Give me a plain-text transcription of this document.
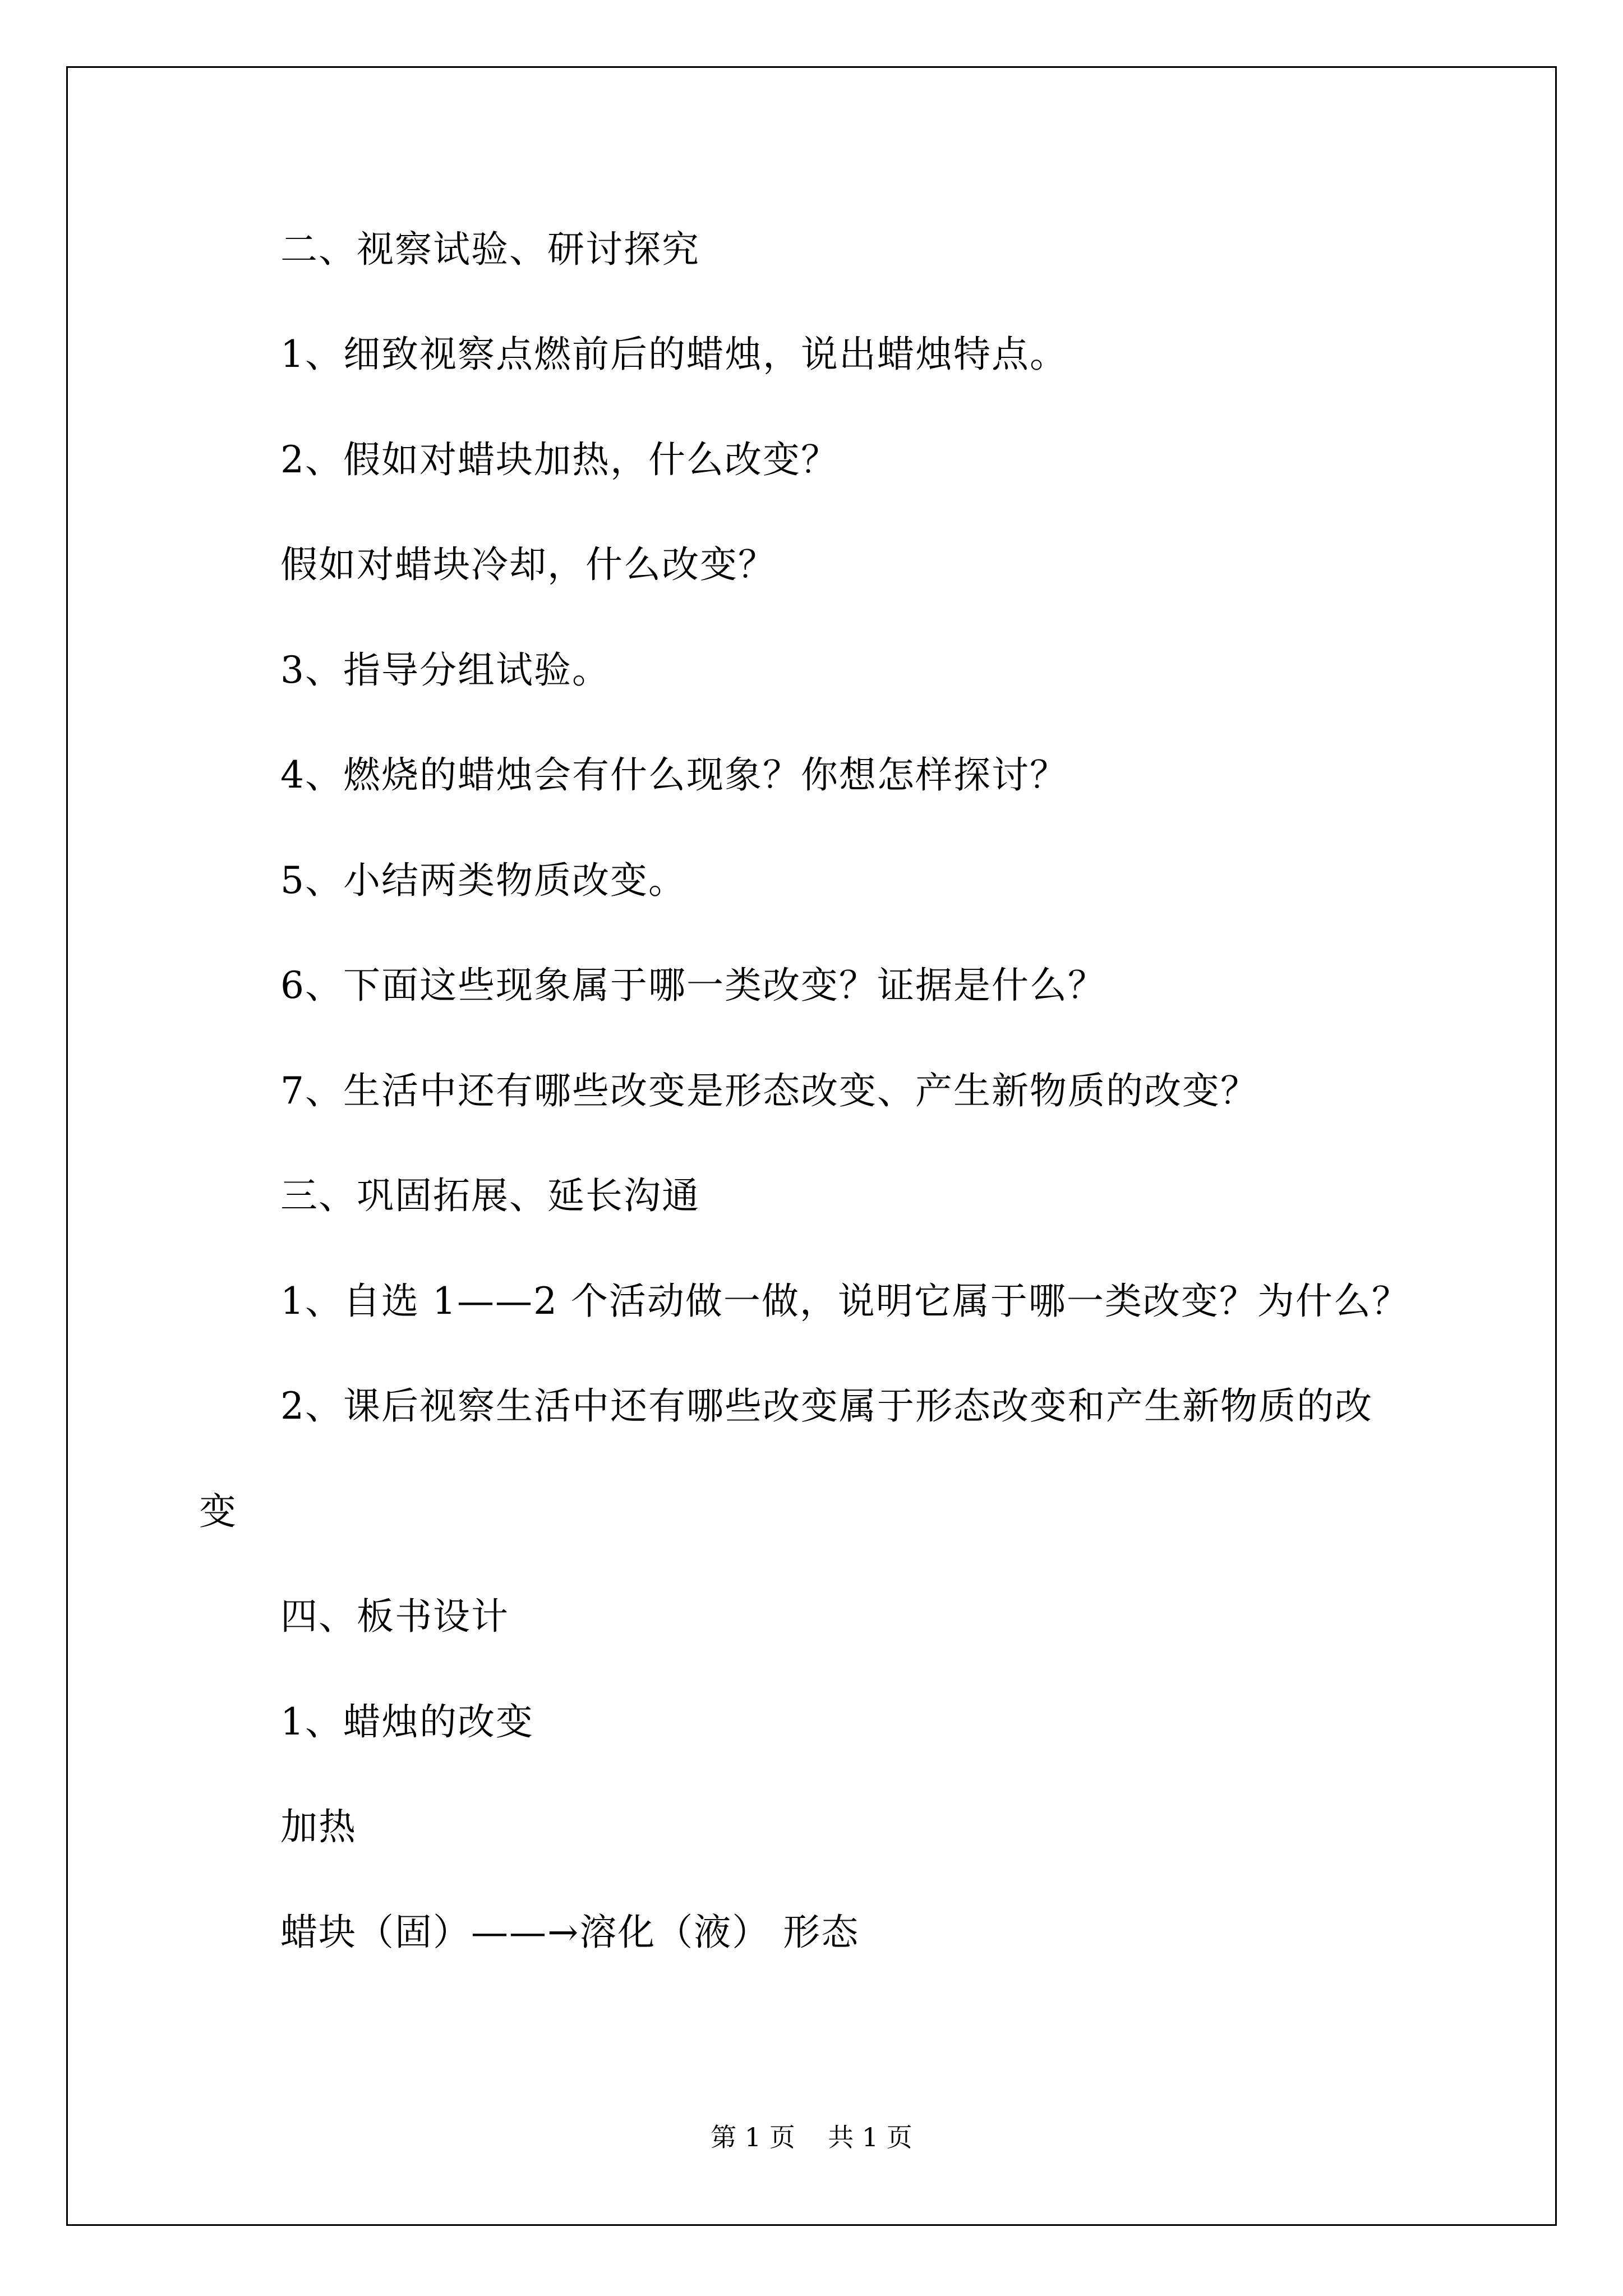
二、视察试验、研讨探究
1、细致视察点燃前后的蜡烛，说出蜡烛特点。
2、假如对蜡块加热，什么改变？
假如对蜡块冷却，什么改变？
3、指导分组试验。
4、燃烧的蜡烛会有什么现象？你想怎样探讨？
5、小结两类物质改变。
6、下面这些现象属于哪一类改变？证据是什么？
7、生活中还有哪些改变是形态改变、产生新物质的改变？
三、巩固拓展、延长沟通
1、自选 1——2 个活动做一做，说明它属于哪一类改变？为什么？
2、课后视察生活中还有哪些改变属于形态改变和产生新物质的改
变
四、板书设计
1、蜡烛的改变
加热
蜡块（固）——→溶化（液） 形态
第 1 页    共 1 页
